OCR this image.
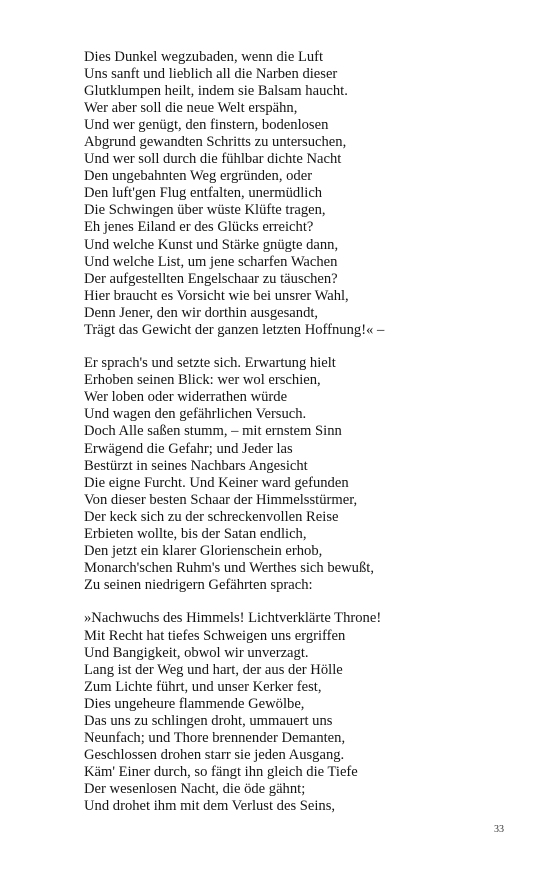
Dies Dunkel wegzubaden, wenn die Luft
Uns sanft und lieblich all die Narben dieser
Glutklumpen heilt, indem sie Balsam haucht.
Wer aber soll die neue Welt erspähn,
Und wer genügt, den finstern, bodenlosen
Abgrund gewandten Schritts zu untersuchen,
Und wer soll durch die fühlbar dichte Nacht
Den ungebahnten Weg ergründen, oder
Den luft'gen Flug entfalten, unermüdlich
Die Schwingen über wüste Klüfte tragen,
Eh jenes Eiland er des Glücks erreicht?
Und welche Kunst und Stärke gnügte dann,
Und welche List, um jene scharfen Wachen
Der aufgestellten Engelschaar zu täuschen?
Hier braucht es Vorsicht wie bei unsrer Wahl,
Denn Jener, den wir dorthin ausgesandt,
Trägt das Gewicht der ganzen letzten Hoffnung!« –
Er sprach's und setzte sich. Erwartung hielt
Erhoben seinen Blick: wer wol erschien,
Wer loben oder widerrathen würde
Und wagen den gefährlichen Versuch.
Doch Alle saßen stumm, – mit ernstem Sinn
Erwägend die Gefahr; und Jeder las
Bestürzt in seines Nachbars Angesicht
Die eigne Furcht. Und Keiner ward gefunden
Von dieser besten Schaar der Himmelsstürmer,
Der keck sich zu der schreckenvollen Reise
Erbieten wollte, bis der Satan endlich,
Den jetzt ein klarer Glorienschein erhob,
Monarch'schen Ruhm's und Werthes sich bewußt,
Zu seinen niedrigern Gefährten sprach:
»Nachwuchs des Himmels! Lichtverklärte Throne!
Mit Recht hat tiefes Schweigen uns ergriffen
Und Bangigkeit, obwol wir unverzagt.
Lang ist der Weg und hart, der aus der Hölle
Zum Lichte führt, und unser Kerker fest,
Dies ungeheure flammende Gewölbe,
Das uns zu schlingen droht, ummauert uns
Neunfach; und Thore brennender Demanten,
Geschlossen drohen starr sie jeden Ausgang.
Käm' Einer durch, so fängt ihn gleich die Tiefe
Der wesenlosen Nacht, die öde gähnt;
Und drohet ihm mit dem Verlust des Seins,
33
